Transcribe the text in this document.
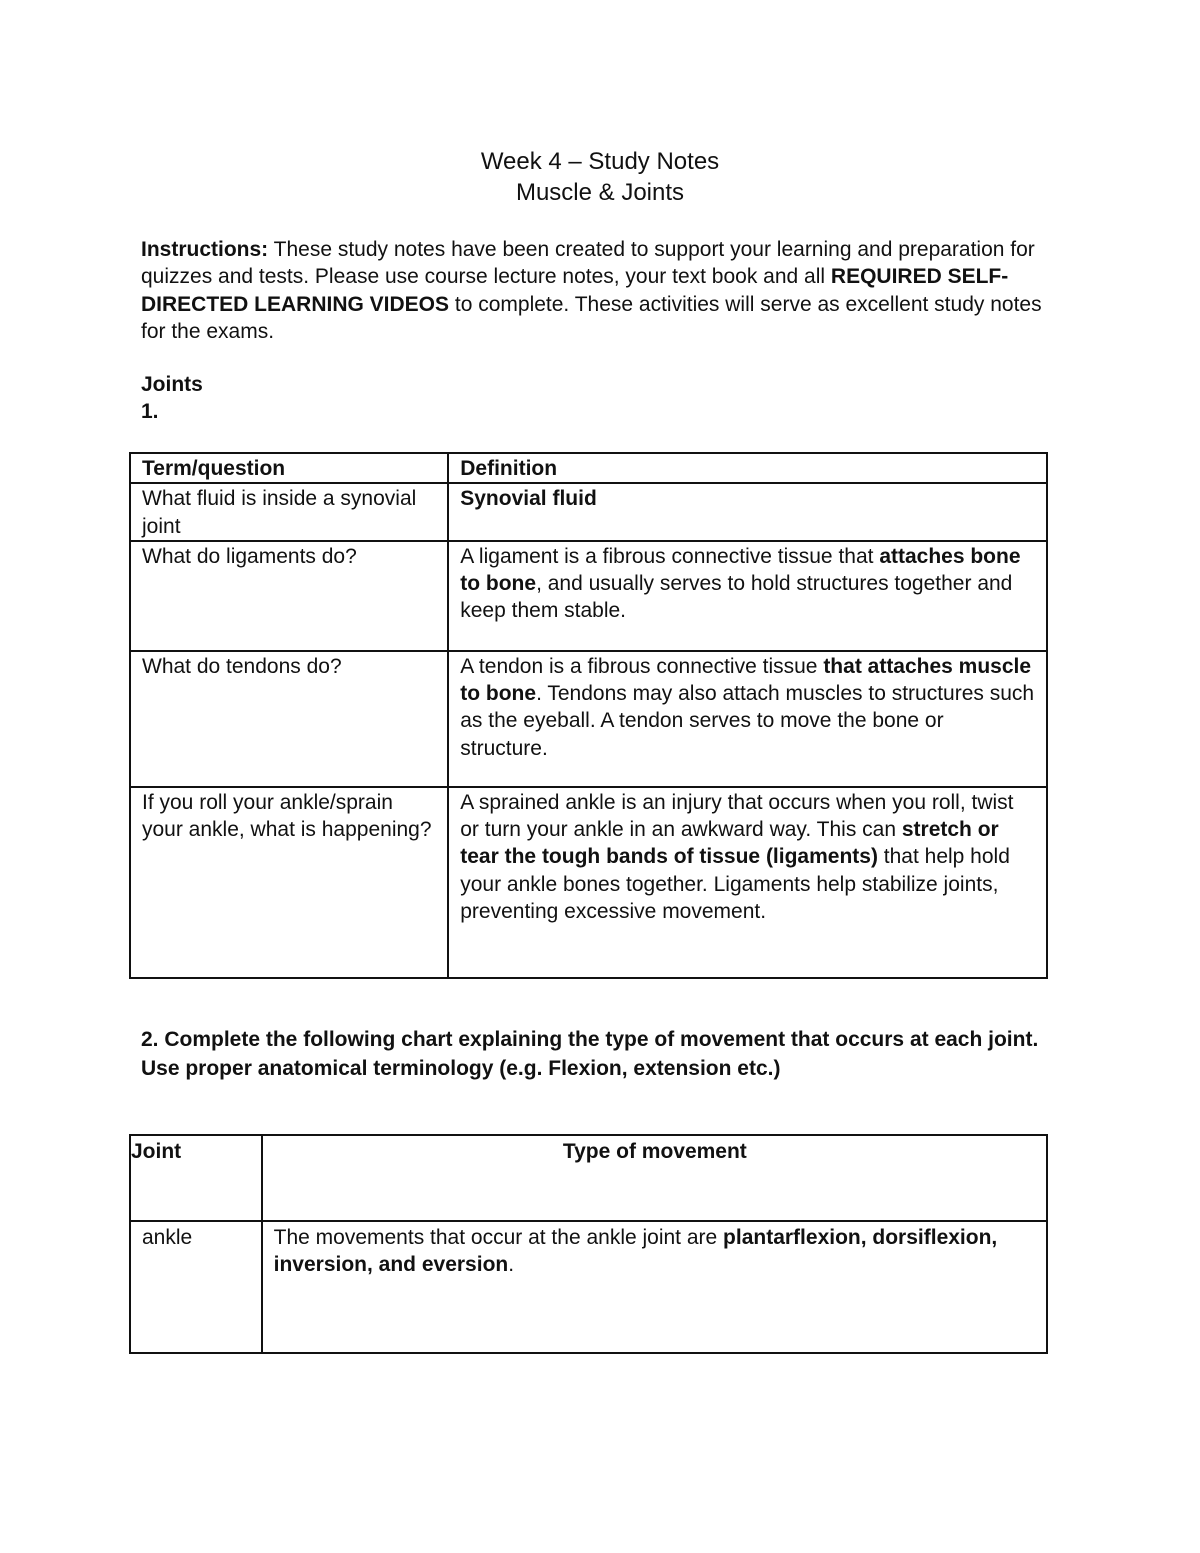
Week 4 – Study Notes
Muscle & Joints
Instructions: These study notes have been created to support your learning and preparation for quizzes and tests. Please use course lecture notes, your text book and all REQUIRED SELF-DIRECTED LEARNING VIDEOS to complete. These activities will serve as excellent study notes for the exams.
Joints
1.
Term/question	Definition
What fluid is inside a synovial joint	Synovial fluid
What do ligaments do?	A ligament is a fibrous connective tissue that attaches bone to bone, and usually serves to hold structures together and keep them stable.
What do tendons do?	A tendon is a fibrous connective tissue that attaches muscle to bone. Tendons may also attach muscles to structures such as the eyeball. A tendon serves to move the bone or structure.
If you roll your ankle/sprain your ankle, what is happening?	A sprained ankle is an injury that occurs when you roll, twist or turn your ankle in an awkward way. This can stretch or tear the tough bands of tissue (ligaments) that help hold your ankle bones together. Ligaments help stabilize joints, preventing excessive movement.
2. Complete the following chart explaining the type of movement that occurs at each joint. Use proper anatomical terminology (e.g. Flexion, extension etc.)
Joint	Type of movement
ankle	The movements that occur at the ankle joint are plantarflexion, dorsiflexion, inversion, and eversion.
